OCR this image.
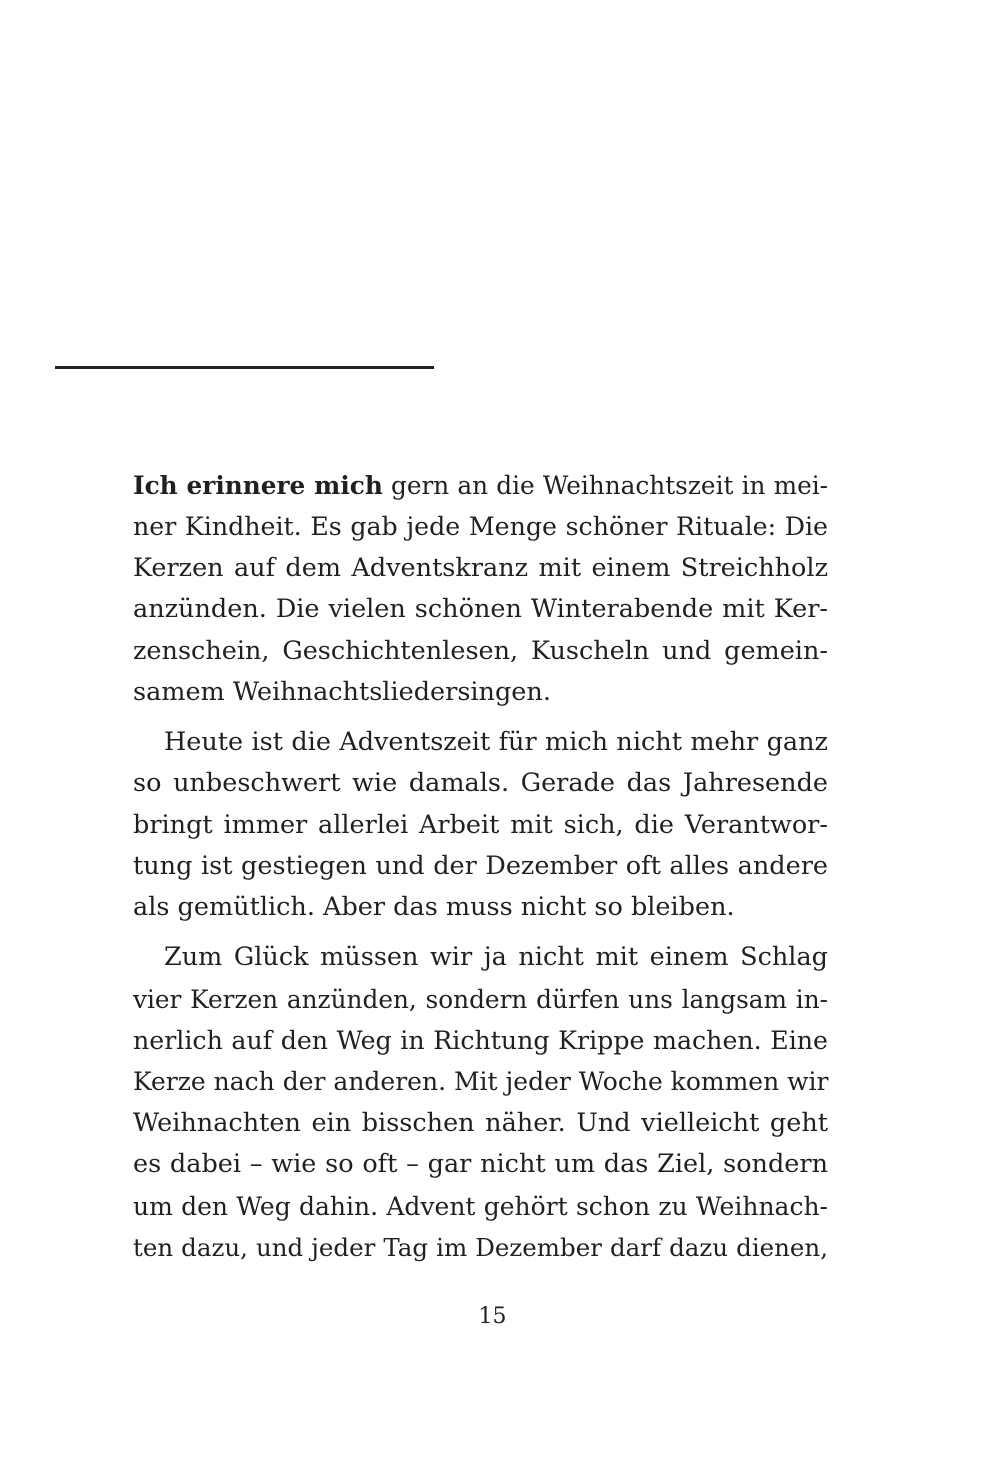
Ich erinnere mich gern an die Weihnachtszeit in mei-
ner Kindheit. Es gab jede Menge schöner Rituale: Die
Kerzen auf dem Adventskranz mit einem Streichholz
anzünden. Die vielen schönen Winterabende mit Ker-
zenschein, Geschichtenlesen, Kuscheln und gemein-
samem Weihnachtsliedersingen.
Heute ist die Adventszeit für mich nicht mehr ganz
so unbeschwert wie damals. Gerade das Jahresende
bringt immer allerlei Arbeit mit sich, die Verantwor-
tung ist gestiegen und der Dezember oft alles andere
als gemütlich. Aber das muss nicht so bleiben.
Zum Glück müssen wir ja nicht mit einem Schlag
vier Kerzen anzünden, sondern dürfen uns langsam in-
nerlich auf den Weg in Richtung Krippe machen. Eine
Kerze nach der anderen. Mit jeder Woche kommen wir
Weihnachten ein bisschen näher. Und vielleicht geht
es dabei – wie so oft – gar nicht um das Ziel, sondern
um den Weg dahin. Advent gehört schon zu Weihnach-
ten dazu, und jeder Tag im Dezember darf dazu dienen,
15
